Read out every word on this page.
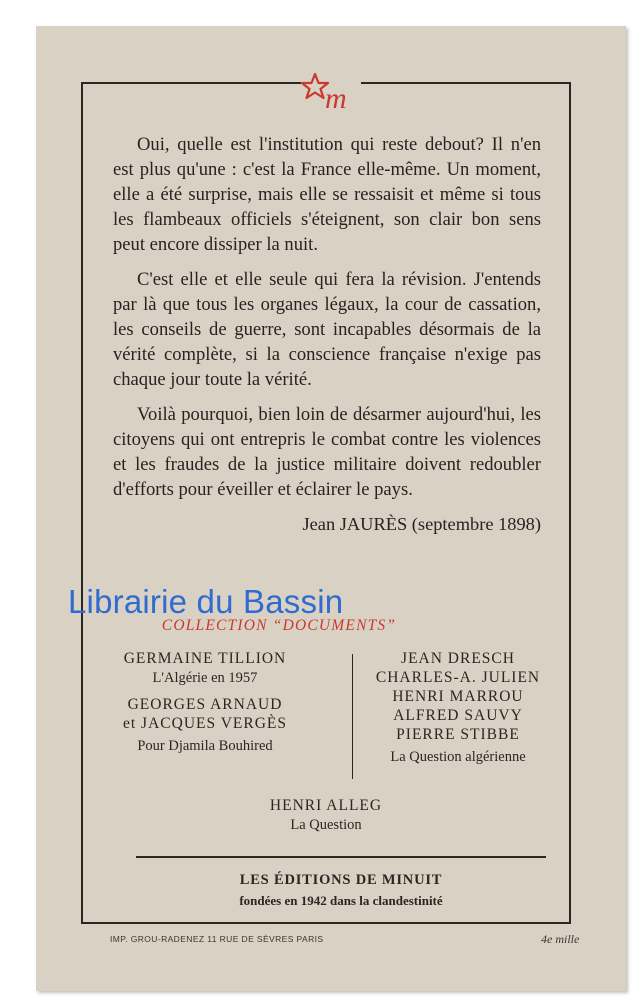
m

Oui, quelle est l'institution qui reste debout? Il n'en est plus qu'une : c'est la France elle-même. Un moment, elle a été surprise, mais elle se ressaisit et même si tous les flambeaux officiels s'éteignent, son clair bon sens peut encore dissiper la nuit.

C'est elle et elle seule qui fera la révision. J'entends par là que tous les organes légaux, la cour de cassation, les conseils de guerre, sont incapables désormais de la vérité complète, si la conscience française n'exige pas chaque jour toute la vérité.

Voilà pourquoi, bien loin de désarmer aujourd'hui, les citoyens qui ont entrepris le combat contre les violences et les fraudes de la justice militaire doivent redoubler d'efforts pour éveiller et éclairer le pays.

Jean JAURÈS (septembre 1898)

COLLECTION “DOCUMENTS”
GERMAINE TILLION
L'Algérie en 1957
GEORGES ARNAUD
et JACQUES VERGÈS
Pour Djamila Bouhired
JEAN DRESCH
CHARLES-A. JULIEN
HENRI MARROU
ALFRED SAUVY
PIERRE STIBBE
La Question algérienne
HENRI ALLEG
La Question
LES ÉDITIONS DE MINUIT
fondées en 1942 dans la clandestinité
IMP. GROU-RADENEZ 11 RUE DE SÈVRES PARIS	4e mille
Librairie du Bassin
